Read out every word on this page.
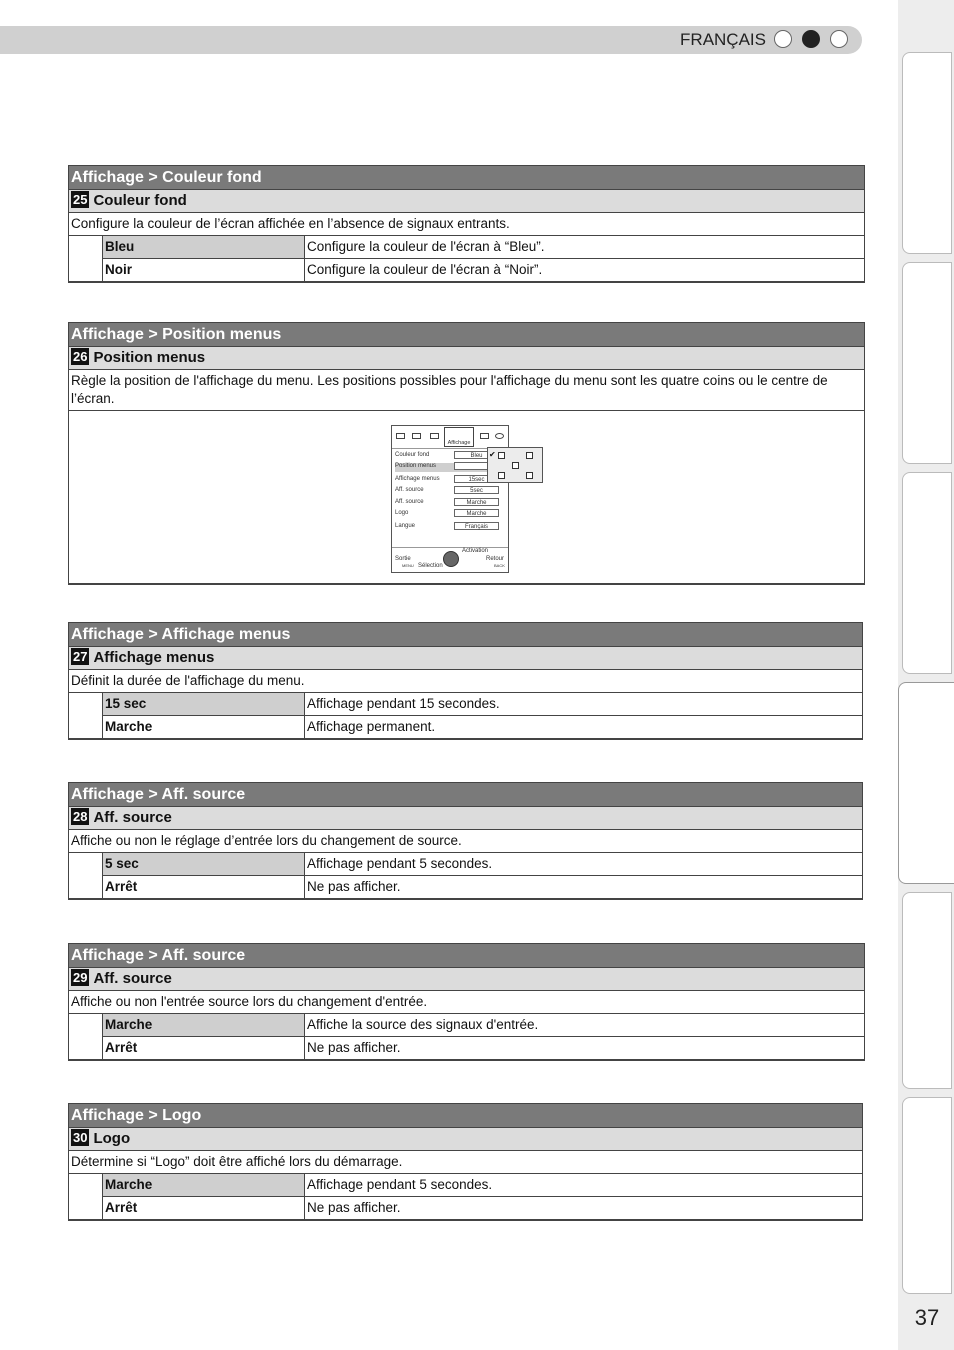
FRANÇAIS
37
Affichage > Couleur fond
25 Couleur fond
Configure la couleur de l’écran affichée en l’absence de signaux entrants.
Bleu	Configure la couleur de l'écran à “Bleu”.
Noir	Configure la couleur de l'écran à “Noir”.
Affichage > Position menus
26 Position menus
Règle la position de l'affichage du menu. Les positions possibles pour l'affichage du menu sont les quatre coins ou le centre de l’écran.
Affichage
Couleur fond	Bleu
Position menus
Affichage menus	15sec
Aff. source	5sec
Aff. source	Marche
Logo	Marche
Langue	Français
Activation
Sortie
MENU Sélection
Retour
BACK
✔
Affichage > Affichage menus
27 Affichage menus
Définit la durée de l'affichage du menu.
15 sec	Affichage pendant 15 secondes.
Marche	Affichage permanent.
Affichage > Aff. source
28 Aff. source
Affiche ou non le réglage d’entrée lors du changement de source.
5 sec	Affichage pendant 5 secondes.
Arrêt	Ne pas afficher.
Affichage > Aff. source
29 Aff. source
Affiche ou non l'entrée source lors du changement d'entrée.
Marche	Affiche la source des signaux d'entrée.
Arrêt	Ne pas afficher.
Affichage > Logo
30 Logo
Détermine si “Logo” doit être affiché lors du démarrage.
Marche	Affichage pendant 5 secondes.
Arrêt	Ne pas afficher.
